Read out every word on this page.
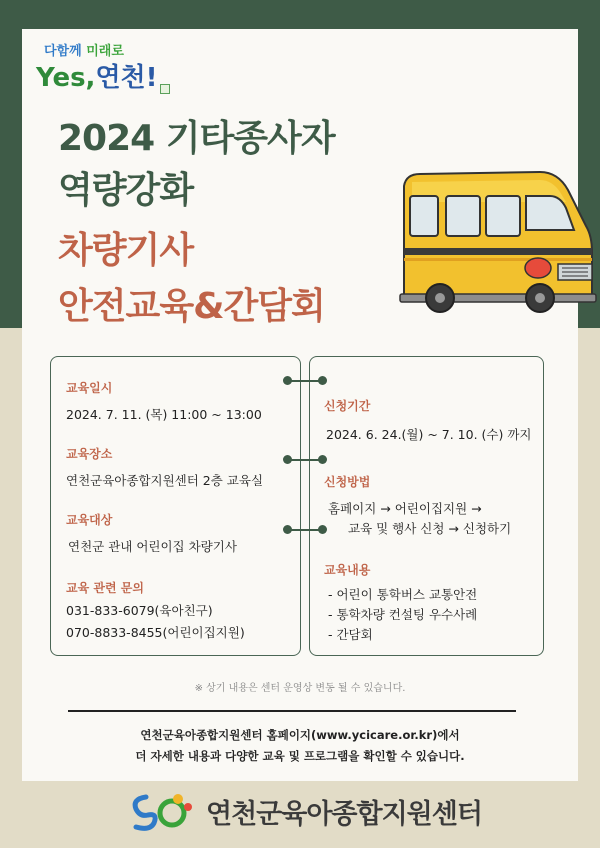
다함께 미래로
Yes,연천!
2024 기타종사자
역량강화
차량기사
안전교육&간담회
교육일시
2024. 7. 11. (목) 11:00 ~ 13:00
교육장소
연천군육아종합지원센터 2층 교육실
교육대상
연천군 관내 어린이집 차량기사
교육 관련 문의
031-833-6079(육아친구)
070-8833-8455(어린이집지원)
신청기간
2024. 6. 24.(월) ~ 7. 10. (수) 까지
신청방법
홈페이지 → 어린이집지원 →
교육 및 행사 신청 → 신청하기
교육내용
- 어린이 통학버스 교통안전
- 통학차량 컨설팅 우수사례
- 간담회
※ 상기 내용은 센터 운영상 변동 될 수 있습니다.
연천군육아종합지원센터 홈페이지(www.ycicare.or.kr)에서
더 자세한 내용과 다양한 교육 및 프로그램을 확인할 수 있습니다.
연천군육아종합지원센터
